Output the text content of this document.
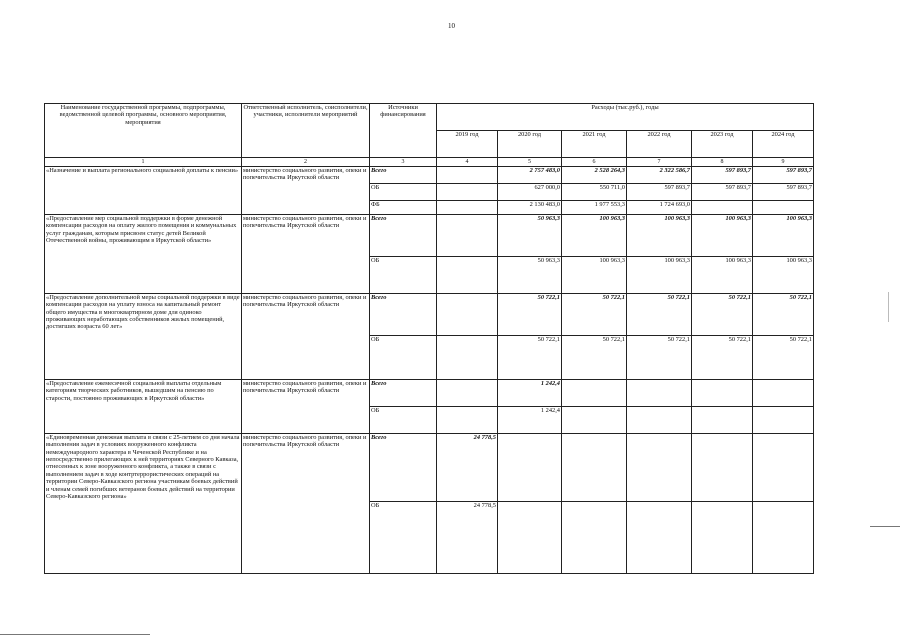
10
Наименование государственной программы, подпрограммы, ведомственной целевой программы, основного мероприятия, мероприятия	Ответственный исполнитель, соисполнители, участники, исполнители мероприятий	Источники финансирования	Расходы (тыс.руб.), годы					
			2019 год	2020 год	2021 год	2022 год	2023 год	2024 год
1	2	3	4	5	6	7	8	9
«Назначение и выплата регионального социальной доплаты к пенсии»	министерство социального развития, опеки и попечительства Иркутской области	Всего		2 757 483,0	2 528 264,3	2 322 586,7	597 893,7	597 893,7
		ОБ		627 000,0	550 711,0	597 893,7	597 893,7	597 893,7
		ФБ		2 130 483,0	1 977 553,3	1 724 693,0		
«Предоставление мер социальной поддержки в форме денежной компенсации расходов на оплату жилого помещения и коммунальных услуг гражданам, которым присвоен статус детей Великой Отечественной войны, проживающим в Иркутской области»	министерство социального развития, опеки и попечительства Иркутской области	Всего		50 963,3	100 963,3	100 963,3	100 963,3	100 963,3
		ОБ		50 963,3	100 963,3	100 963,3	100 963,3	100 963,3
«Предоставление дополнительной меры социальной поддержки в виде компенсации расходов на уплату взноса на капитальный ремонт общего имущества в многоквартирном доме для одиноко проживающих неработающих собственников жилых помещений, достигших возраста 60 лет»	министерство социального развития, опеки и попечительства Иркутской области	Всего		50 722,1	50 722,1	50 722,1	50 722,1	50 722,1
		ОБ		50 722,1	50 722,1	50 722,1	50 722,1	50 722,1
«Предоставление ежемесячной социальной выплаты отдельным категориям творческих работников, вышедшим на пенсию по старости, постоянно проживающих в Иркутской области»	министерство социального развития, опеки и попечительства Иркутской области	Всего		1 242,4				
		ОБ		1 242,4				
«Единовременная денежная выплата в связи с 25-летием со дня начала выполнения задач в условиях вооруженного конфликта немеждународного характера в Чеченской Республике и на непосредственно прилегающих к ней территориях Северного Кавказа, отнесенных к зоне вооруженного конфликта, а также в связи с выполнением задач в ходе контртеррористических операций на территории Северо-Кавказского региона участникам боевых действий и членам семей погибших ветеранов боевых действий на территории Северо-Кавказского региона»	министерство социального развития, опеки и попечительства Иркутской области	Всего	24 778,5					
		ОБ	24 778,5					
